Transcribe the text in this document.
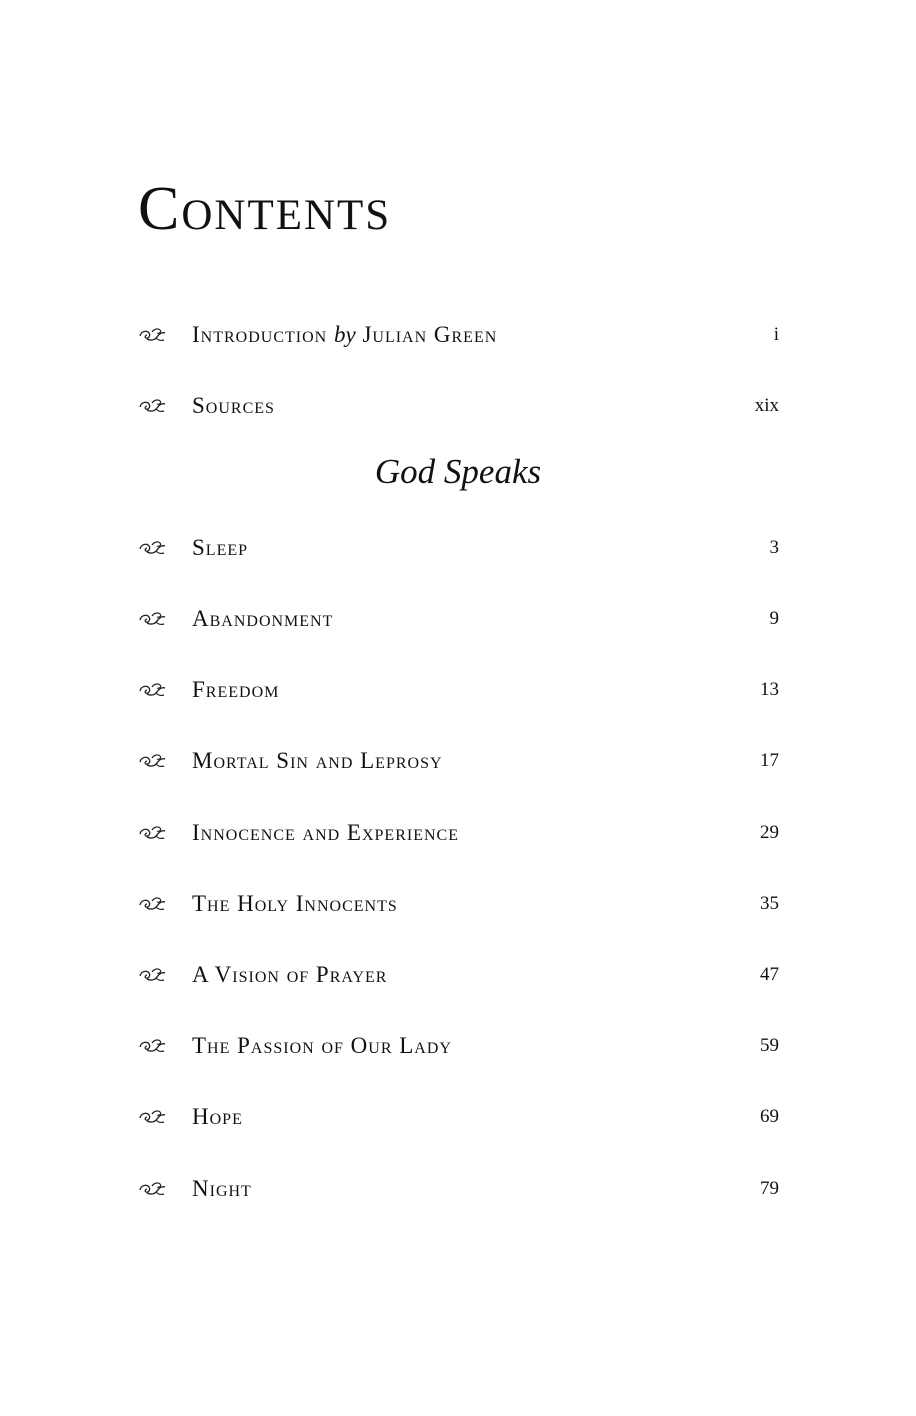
Contents
Introduction by Julian Green	i
Sources	xix
God Speaks
Sleep	3
Abandonment	9
Freedom	13
Mortal Sin and Leprosy	17
Innocence and Experience	29
The Holy Innocents	35
A Vision of Prayer	47
The Passion of Our Lady	59
Hope	69
Night	79
